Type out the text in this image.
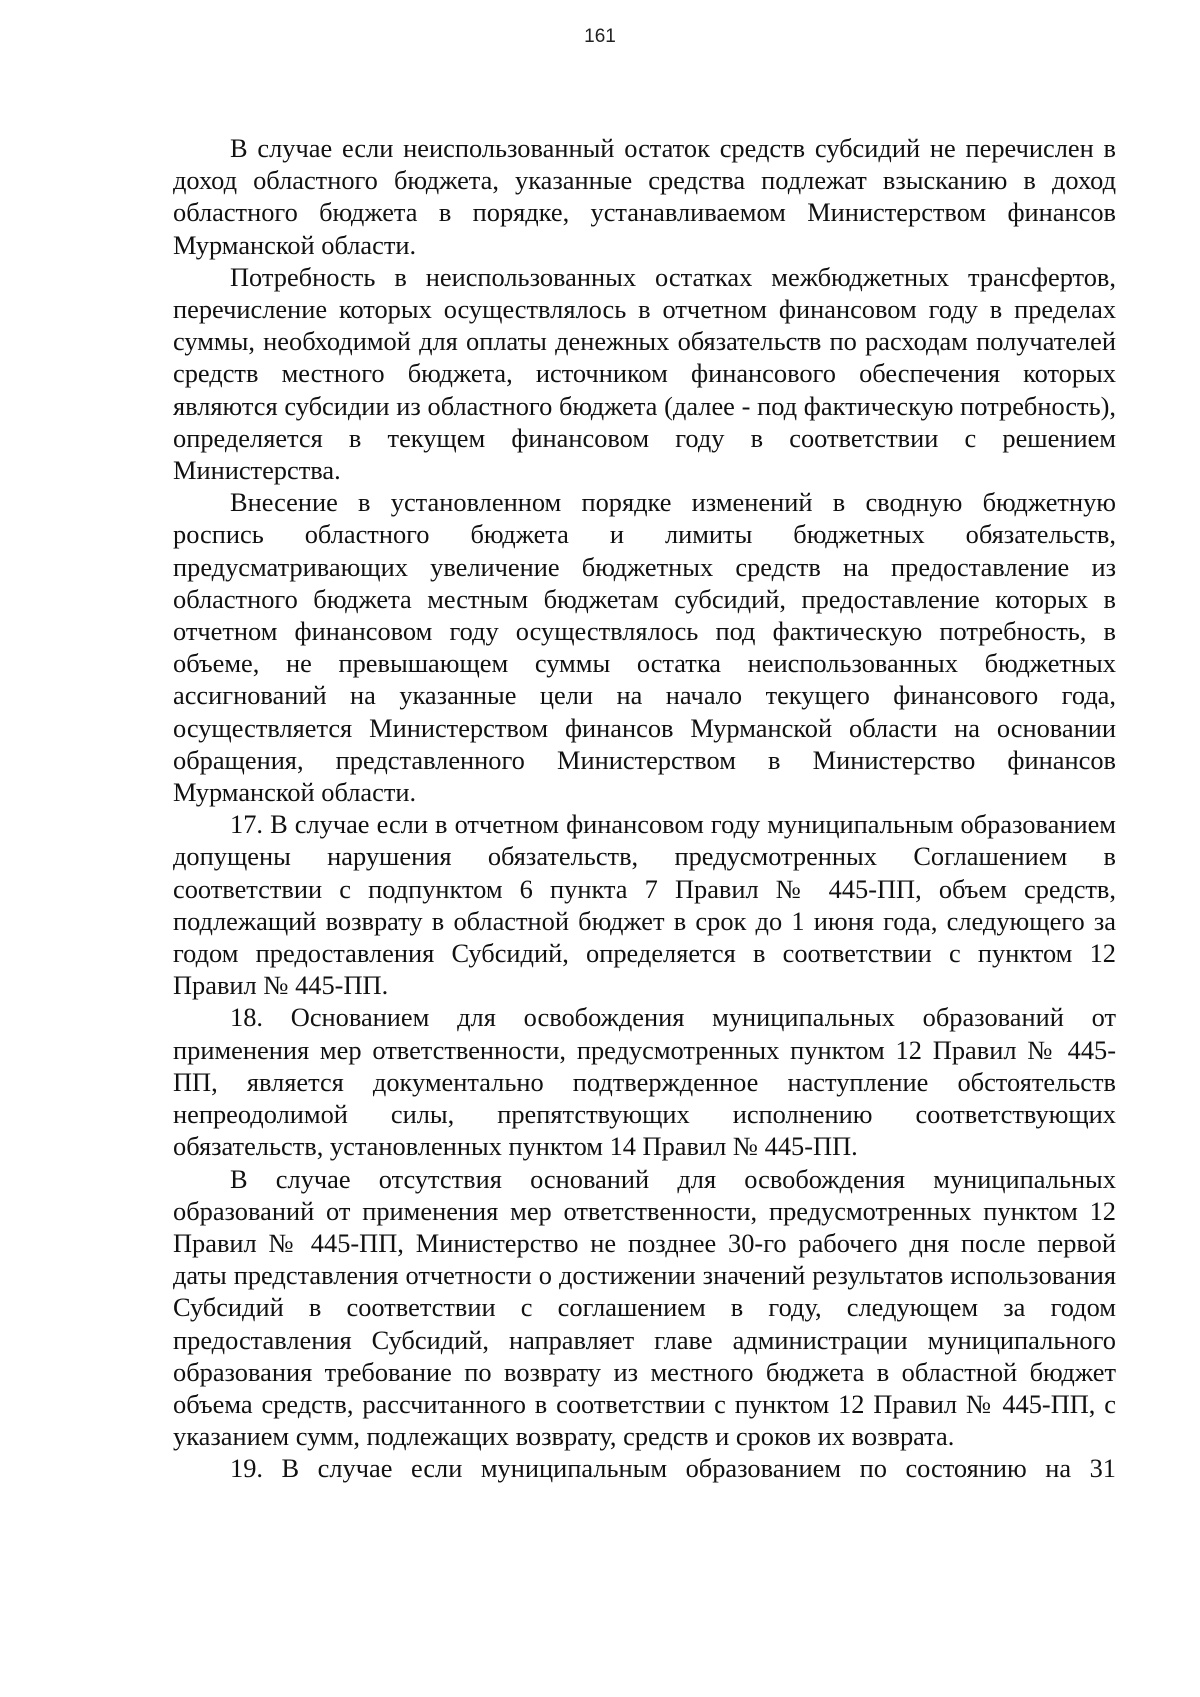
161

В случае если неиспользованный остаток средств субсидий не перечислен в доход областного бюджета, указанные средства подлежат взысканию в доход областного бюджета в порядке, устанавливаемом Министерством финансов Мурманской области.

Потребность в неиспользованных остатках межбюджетных трансфертов, перечисление которых осуществлялось в отчетном финансовом году в пределах суммы, необходимой для оплаты денежных обязательств по расходам получателей средств местного бюджета, источником финансового обеспечения которых являются субсидии из областного бюджета (далее - под фактическую потребность), определяется в текущем финансовом году в соответствии с решением Министерства.

Внесение в установленном порядке изменений в сводную бюджетную роспись областного бюджета и лимиты бюджетных обязательств, предусматривающих увеличение бюджетных средств на предоставление из областного бюджета местным бюджетам субсидий, предоставление которых в отчетном финансовом году осуществлялось под фактическую потребность, в объеме, не превышающем суммы остатка неиспользованных бюджетных ассигнований на указанные цели на начало текущего финансового года, осуществляется Министерством финансов Мурманской области на основании обращения, представленного Министерством в Министерство финансов Мурманской области.

17. В случае если в отчетном финансовом году муниципальным образованием допущены нарушения обязательств, предусмотренных Соглашением в соответствии с подпунктом 6 пункта 7 Правил № 445-ПП, объем средств, подлежащий возврату в областной бюджет в срок до 1 июня года, следующего за годом предоставления Субсидий, определяется в соответствии с пунктом 12 Правил № 445-ПП.

18. Основанием для освобождения муниципальных образований от применения мер ответственности, предусмотренных пунктом 12 Правил № 445-ПП, является документально подтвержденное наступление обстоятельств непреодолимой силы, препятствующих исполнению соответствующих обязательств, установленных пунктом 14 Правил № 445-ПП.

В случае отсутствия оснований для освобождения муниципальных образований от применения мер ответственности, предусмотренных пунктом 12 Правил № 445-ПП, Министерство не позднее 30-го рабочего дня после первой даты представления отчетности о достижении значений результатов использования Субсидий в соответствии с соглашением в году, следующем за годом предоставления Субсидий, направляет главе администрации муниципального образования требование по возврату из местного бюджета в областной бюджет объема средств, рассчитанного в соответствии с пунктом 12 Правил № 445-ПП, с указанием сумм, подлежащих возврату, средств и сроков их возврата.

19. В случае если муниципальным образованием по состоянию на 31
